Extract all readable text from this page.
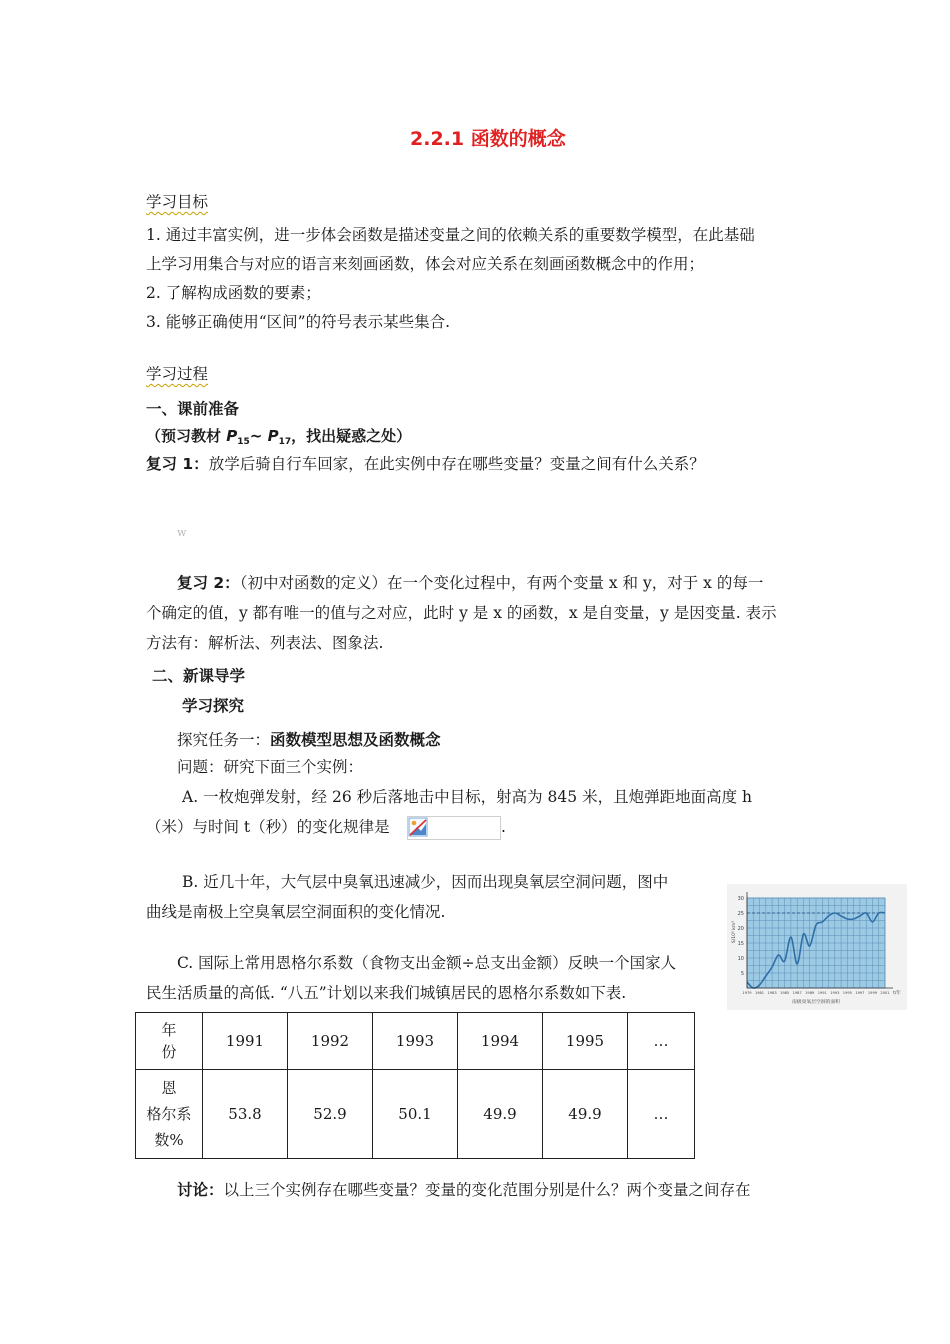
2.2.1 函数的概念
学习目标
1. 通过丰富实例，进一步体会函数是描述变量之间的依赖关系的重要数学模型，在此基础
上学习用集合与对应的语言来刻画函数，体会对应关系在刻画函数概念中的作用；
2. 了解构成函数的要素；
3. 能够正确使用“区间”的符号表示某些集合.
学习过程
一、课前准备
（预习教材 $P_{15}\sim$ $P_{17}$，找出疑惑之处）
复习 1：放学后骑自行车回家，在此实例中存在哪些变量？变量之间有什么关系？
w
复习 2：（初中对函数的定义）在一个变化过程中，有两个变量 x 和 y，对于 x 的每一
个确定的值，y 都有唯一的值与之对应，此时 y 是 x 的函数，x 是自变量，y 是因变量. 表示
方法有：解析法、列表法、图象法.
二、新课导学
学习探究
探究任务一：函数模型思想及函数概念
问题：研究下面三个实例：
A. 一枚炮弹发射，经 26 秒后落地击中目标，射高为 845 米，且炮弹距地面高度 h
（米）与时间 t（秒）的变化规律是	.
B. 近几十年，大气层中臭氧迅速减少，因而出现臭氧层空洞问题，图中
曲线是南极上空臭氧层空洞面积的变化情况.
C. 国际上常用恩格尔系数（食物支出金额÷总支出金额）反映一个国家人
民生活质量的高低. “八五”计划以来我们城镇居民的恩格尔系数如下表.
5
10
15
20
25
30
1979 1981 1983 1985 1987 1989 1991 1993 1995 1997 1999 2001
S/10⁶ km²
t/年
南极臭氧层空洞的面积
年
份	1991	1992	1993	1994	1995	…
恩
格尔系
数%	53.8	52.9	50.1	49.9	49.9	…
讨论：以上三个实例存在哪些变量？变量的变化范围分别是什么？两个变量之间存在
